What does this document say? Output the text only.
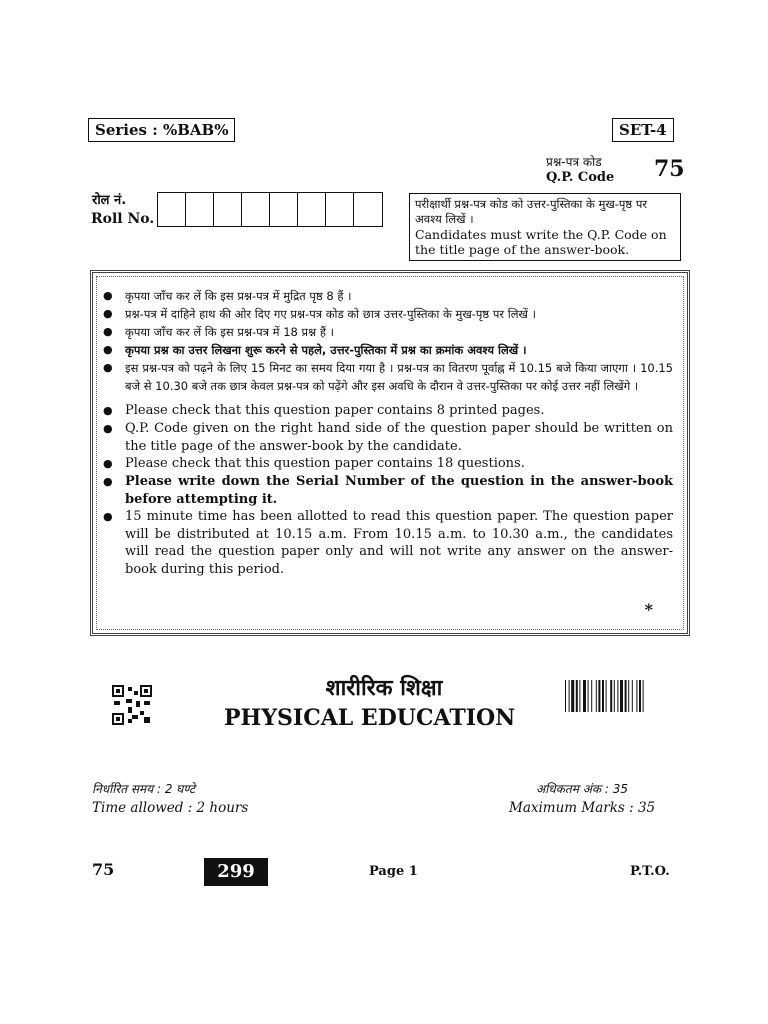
Series : %BAB%	SET-4
प्रश्न-पत्र कोड
Q.P. Code 75
रोल नं.
Roll No.
परीक्षार्थी प्रश्न-पत्र कोड को उत्तर-पुस्तिका के मुख-पृष्ठ पर अवश्य लिखें ।
Candidates must write the Q.P. Code on the title page of the answer-book.
●	कृपया जाँच कर लें कि इस प्रश्न-पत्र में मुद्रित पृष्ठ 8 हैं ।
●	प्रश्न-पत्र में दाहिने हाथ की ओर दिए गए प्रश्न-पत्र कोड को छात्र उत्तर-पुस्तिका के मुख-पृष्ठ पर लिखें ।
●	कृपया जाँच कर लें कि इस प्रश्न-पत्र में 18 प्रश्न हैं ।
●	कृपया प्रश्न का उत्तर लिखना शुरू करने से पहले, उत्तर-पुस्तिका में प्रश्न का क्रमांक अवश्य लिखें ।
●	इस प्रश्न-पत्र को पढ़ने के लिए 15 मिनट का समय दिया गया है । प्रश्न-पत्र का वितरण पूर्वाह्न में 10.15 बजे किया जाएगा । 10.15 बजे से 10.30 बजे तक छात्र केवल प्रश्न-पत्र को पढ़ेंगे और इस अवधि के दौरान वे उत्तर-पुस्तिका पर कोई उत्तर नहीं लिखेंगे ।
● Please check that this question paper contains 8 printed pages.
● Q.P. Code given on the right hand side of the question paper should be written on the title page of the answer-book by the candidate.
● Please check that this question paper contains 18 questions.
● Please write down the Serial Number of the question in the answer-book before attempting it.
● 15 minute time has been allotted to read this question paper. The question paper will be distributed at 10.15 a.m. From 10.15 a.m. to 10.30 a.m., the candidates will read the question paper only and will not write any answer on the answer-book during this period.
*
शारीरिक शिक्षा
PHYSICAL EDUCATION
निर्धारित समय : 2 घण्टे
Time allowed : 2 hours
अधिकतम अंक : 35
Maximum Marks : 35
75	299	Page 1	P.T.O.
